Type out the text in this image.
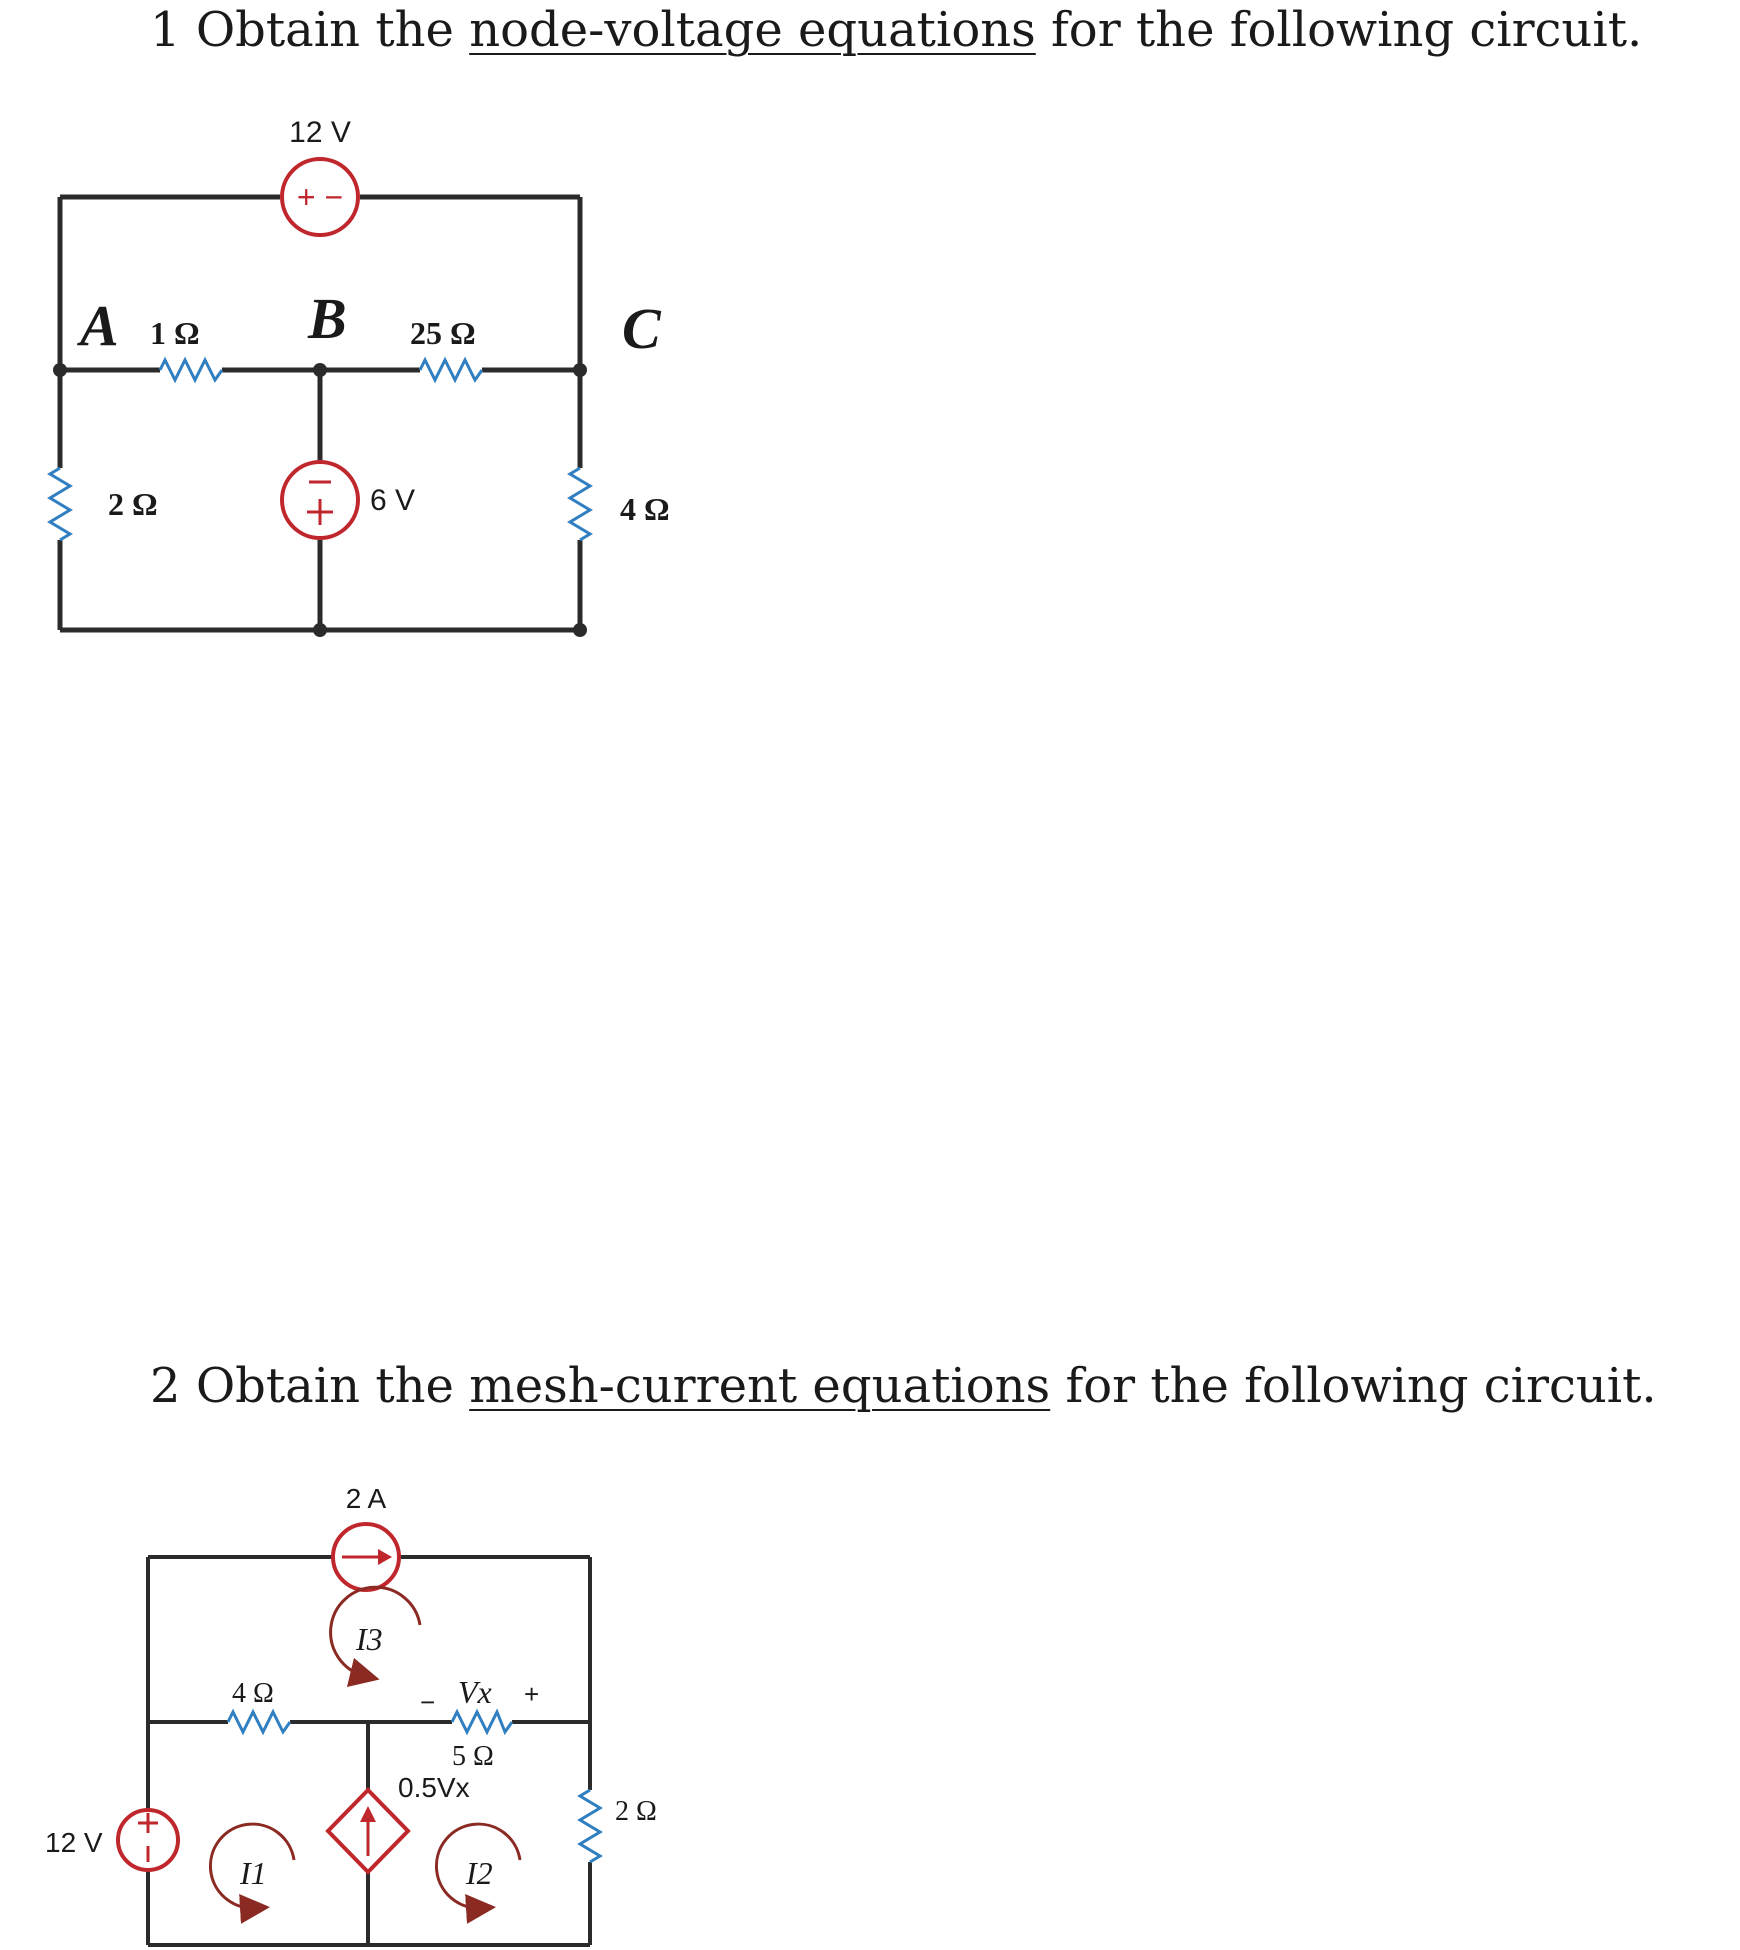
1 Obtain the node-voltage equations for the following circuit.
2 Obtain the mesh-current equations for the following circuit.
+ −
12 V
6 V
A	B	C
1 Ω	25 Ω
2 Ω	4 Ω
2 A
12 V
4 Ω
5 Ω
2 Ω
− Vx +
0.5Vx
I3
I1	I2
